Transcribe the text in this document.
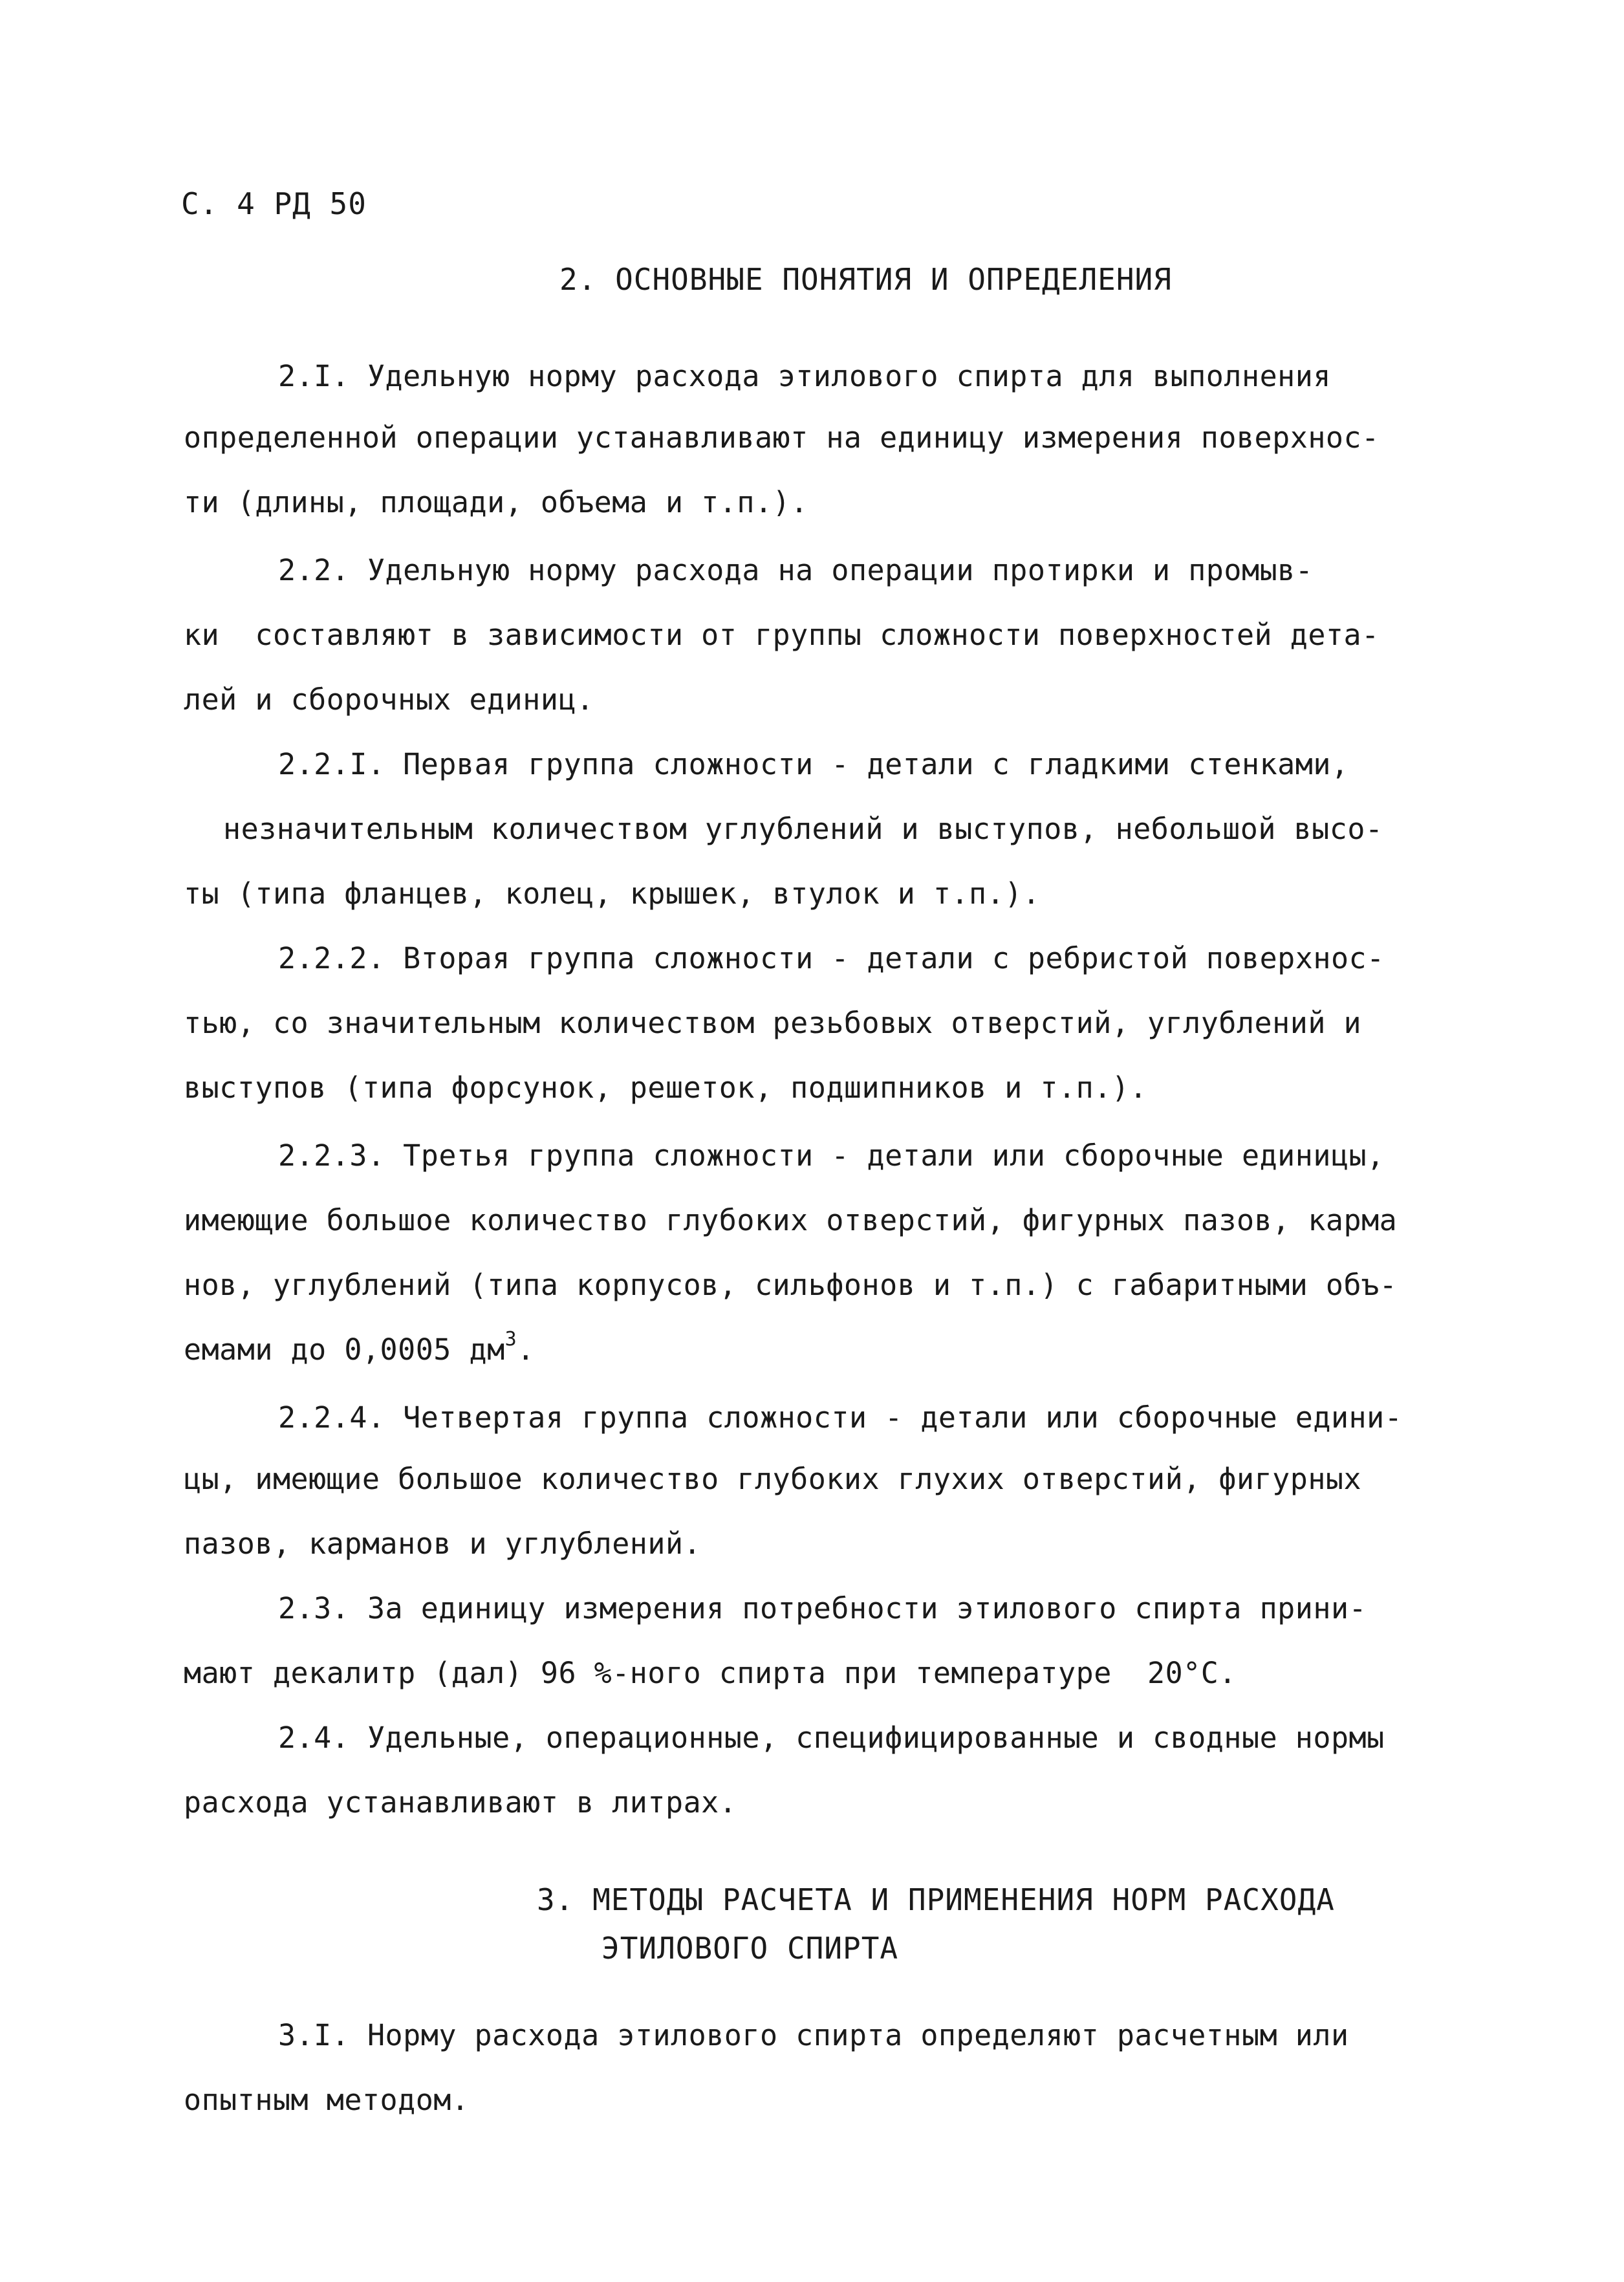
С. 4 РД 50
2. ОСНОВНЫЕ ПОНЯТИЯ И ОПРЕДЕЛЕНИЯ
2.I. Удельную норму расхода этилового спирта для выполнения
определенной операции устанавливают на единицу измерения поверхнос-
ти (длины, площади, объема и т.п.).
2.2. Удельную норму расхода на операции протирки и промыв-
ки  составляют в зависимости от группы сложности поверхностей дета-
лей и сборочных единиц.
2.2.I. Первая группа сложности - детали с гладкими стенками,
незначительным количеством углублений и выступов, небольшой высо-
ты (типа фланцев, колец, крышек, втулок и т.п.).
2.2.2. Вторая группа сложности - детали с ребристой поверхнос-
тью, со значительным количеством резьбовых отверстий, углублений и
выступов (типа форсунок, решеток, подшипников и т.п.).
2.2.3. Третья группа сложности - детали или сборочные единицы,
имеющие большое количество глубоких отверстий, фигурных пазов, карма
нов, углублений (типа корпусов, сильфонов и т.п.) с габаритными объ-
емами до 0,0005 $дм^3$.
2.2.4. Четвертая группа сложности - детали или сборочные едини-
цы, имеющие большое количество глубоких глухих отверстий, фигурных
пазов, карманов и углублений.
2.3. За единицу измерения потребности этилового спирта прини-
мают декалитр (дал) 96 %-ного спирта при температуре  20°С.
2.4. Удельные, операционные, специфицированные и сводные нормы
расхода устанавливают в литрах.
3. МЕТОДЫ РАСЧЕТА И ПРИМЕНЕНИЯ НОРМ РАСХОДА
ЭТИЛОВОГО СПИРТА
3.I. Норму расхода этилового спирта определяют расчетным или
опытным методом.
